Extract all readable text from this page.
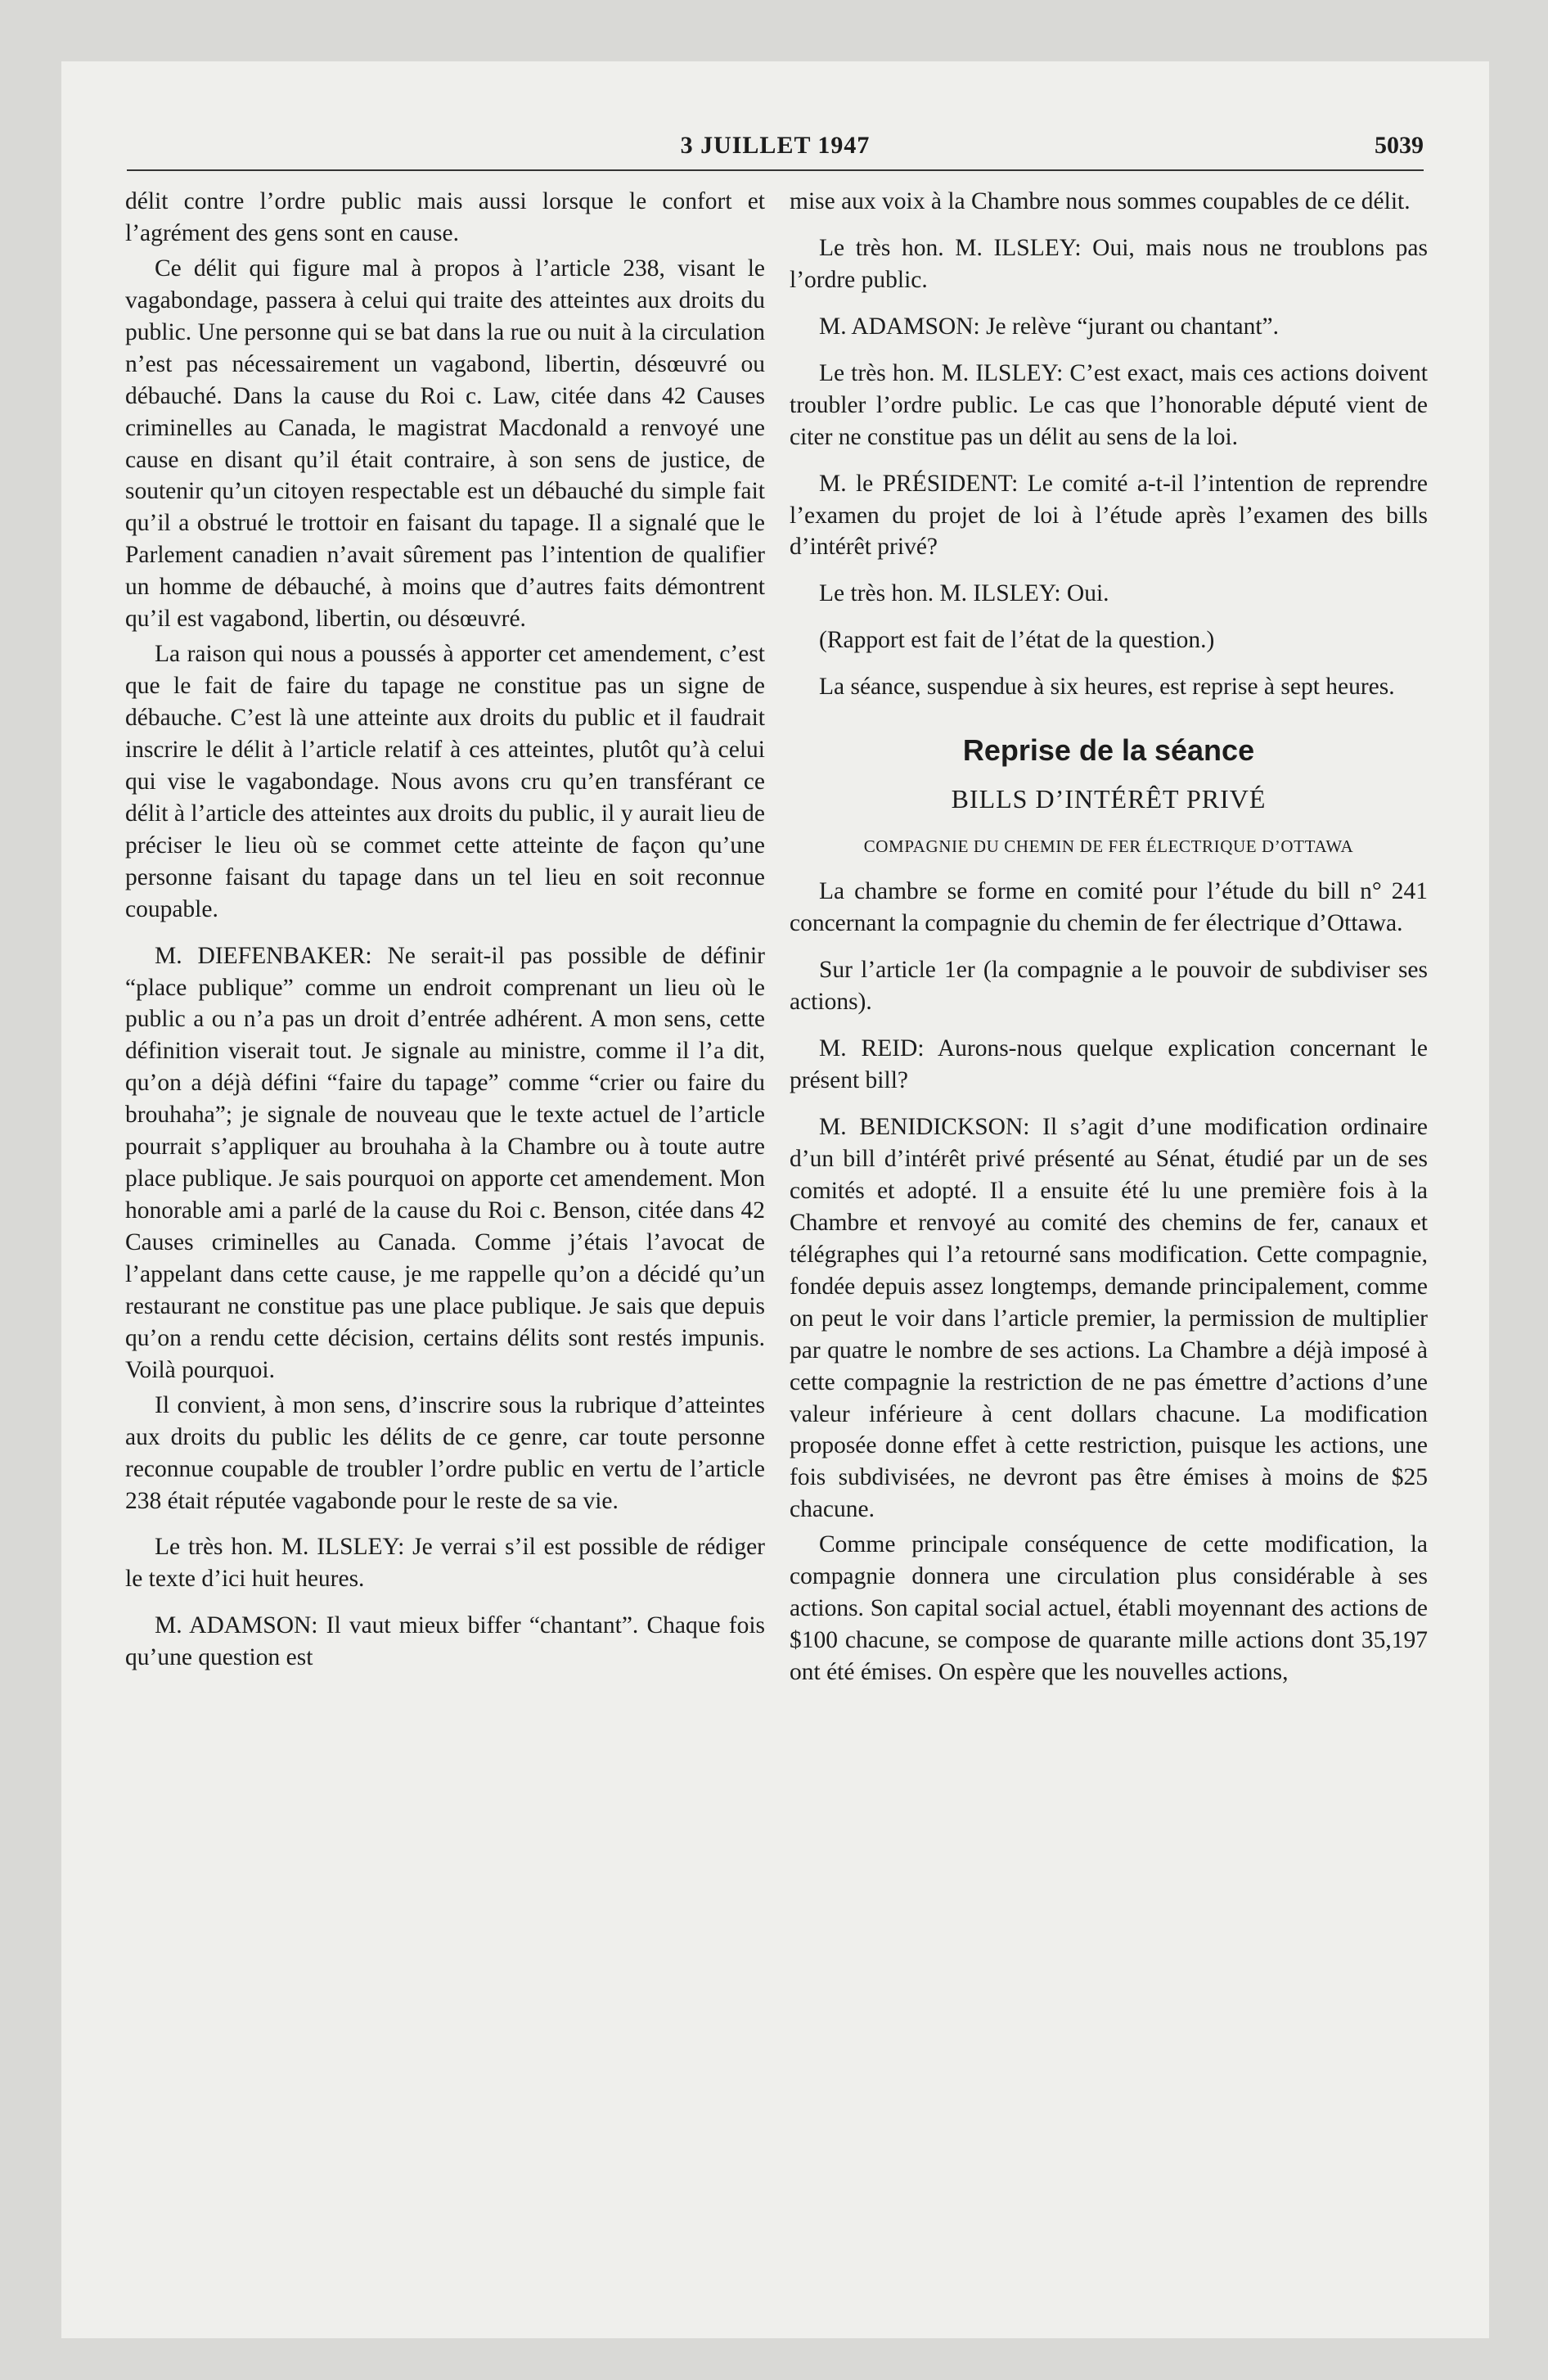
3 JUILLET 1947	5039

délit contre l’ordre public mais aussi lorsque le confort et l’agrément des gens sont en cause.

Ce délit qui figure mal à propos à l’article 238, visant le vagabondage, passera à celui qui traite des atteintes aux droits du public. Une personne qui se bat dans la rue ou nuit à la circulation n’est pas nécessairement un vagabond, libertin, désœuvré ou débauché. Dans la cause du Roi c. Law, citée dans 42 Causes criminelles au Canada, le magistrat Macdonald a renvoyé une cause en disant qu’il était contraire, à son sens de justice, de soutenir qu’un citoyen respectable est un débauché du simple fait qu’il a obstrué le trottoir en faisant du tapage. Il a signalé que le Parlement canadien n’avait sûrement pas l’intention de qualifier un homme de débauché, à moins que d’autres faits démontrent qu’il est vagabond, libertin, ou désœuvré.

La raison qui nous a poussés à apporter cet amendement, c’est que le fait de faire du tapage ne constitue pas un signe de débauche. C’est là une atteinte aux droits du public et il faudrait inscrire le délit à l’article relatif à ces atteintes, plutôt qu’à celui qui vise le vagabondage. Nous avons cru qu’en transférant ce délit à l’article des atteintes aux droits du public, il y aurait lieu de préciser le lieu où se commet cette atteinte de façon qu’une personne faisant du tapage dans un tel lieu en soit reconnue coupable.

M. DIEFENBAKER: Ne serait-il pas possible de définir “place publique” comme un endroit comprenant un lieu où le public a ou n’a pas un droit d’entrée adhérent. A mon sens, cette définition viserait tout. Je signale au ministre, comme il l’a dit, qu’on a déjà défini “faire du tapage” comme “crier ou faire du brouhaha”; je signale de nouveau que le texte actuel de l’article pourrait s’appliquer au brouhaha à la Chambre ou à toute autre place publique. Je sais pourquoi on apporte cet amendement. Mon honorable ami a parlé de la cause du Roi c. Benson, citée dans 42 Causes criminelles au Canada. Comme j’étais l’avocat de l’appelant dans cette cause, je me rappelle qu’on a décidé qu’un restaurant ne constitue pas une place publique. Je sais que depuis qu’on a rendu cette décision, certains délits sont restés impunis. Voilà pourquoi.

Il convient, à mon sens, d’inscrire sous la rubrique d’atteintes aux droits du public les délits de ce genre, car toute personne reconnue coupable de troubler l’ordre public en vertu de l’article 238 était réputée vagabonde pour le reste de sa vie.

Le très hon. M. ILSLEY: Je verrai s’il est possible de rédiger le texte d’ici huit heures.

M. ADAMSON: Il vaut mieux biffer “chantant”. Chaque fois qu’une question est

mise aux voix à la Chambre nous sommes coupables de ce délit.

Le très hon. M. ILSLEY: Oui, mais nous ne troublons pas l’ordre public.

M. ADAMSON: Je relève “jurant ou chantant”.

Le très hon. M. ILSLEY: C’est exact, mais ces actions doivent troubler l’ordre public. Le cas que l’honorable député vient de citer ne constitue pas un délit au sens de la loi.

M. le PRÉSIDENT: Le comité a-t-il l’intention de reprendre l’examen du projet de loi à l’étude après l’examen des bills d’intérêt privé?

Le très hon. M. ILSLEY: Oui.

(Rapport est fait de l’état de la question.)

La séance, suspendue à six heures, est reprise à sept heures.

Reprise de la séance
BILLS D’INTÉRÊT PRIVÉ
COMPAGNIE DU CHEMIN DE FER ÉLECTRIQUE D’OTTAWA

La chambre se forme en comité pour l’étude du bill n° 241 concernant la compagnie du chemin de fer électrique d’Ottawa.

Sur l’article 1er (la compagnie a le pouvoir de subdiviser ses actions).

M. REID: Aurons-nous quelque explication concernant le présent bill?

M. BENIDICKSON: Il s’agit d’une modification ordinaire d’un bill d’intérêt privé présenté au Sénat, étudié par un de ses comités et adopté. Il a ensuite été lu une première fois à la Chambre et renvoyé au comité des chemins de fer, canaux et télégraphes qui l’a retourné sans modification. Cette compagnie, fondée depuis assez longtemps, demande principalement, comme on peut le voir dans l’article premier, la permission de multiplier par quatre le nombre de ses actions. La Chambre a déjà imposé à cette compagnie la restriction de ne pas émettre d’actions d’une valeur inférieure à cent dollars chacune. La modification proposée donne effet à cette restriction, puisque les actions, une fois subdivisées, ne devront pas être émises à moins de $25 chacune.

Comme principale conséquence de cette modification, la compagnie donnera une circulation plus considérable à ses actions. Son capital social actuel, établi moyennant des actions de $100 chacune, se compose de quarante mille actions dont 35,197 ont été émises. On espère que les nouvelles actions,
